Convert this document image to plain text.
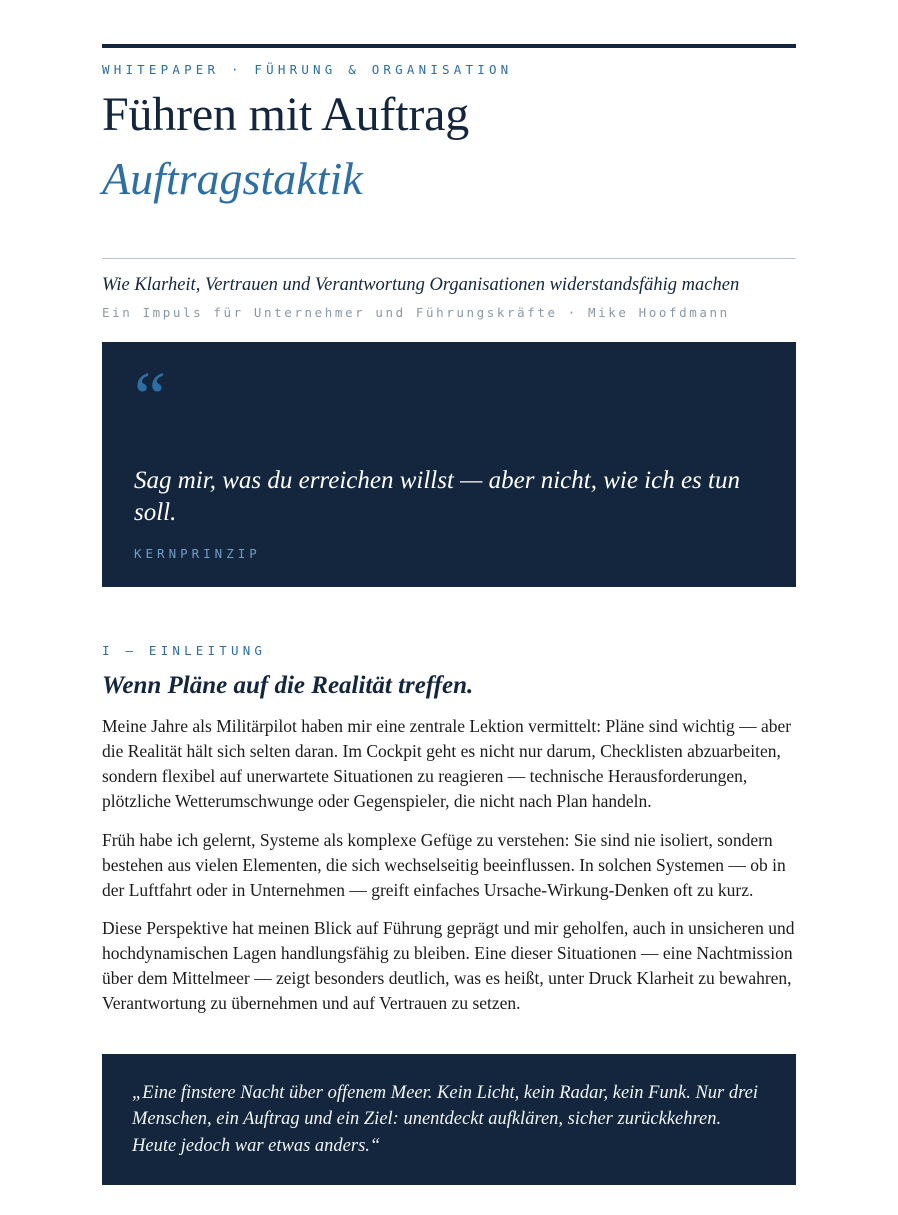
WHITEPAPER · FÜHRUNG & ORGANISATION
Führen mit Auftrag
Auftragstaktik
Wie Klarheit, Vertrauen und Verantwortung Organisationen widerstandsfähig machen
Ein Impuls für Unternehmer und Führungskräfte · Mike Hoofdmann
“
Sag mir, was du erreichen willst — aber nicht, wie ich es tun soll.
KERNPRINZIP
I — EINLEITUNG
Wenn Pläne auf die Realität treffen.

Meine Jahre als Militärpilot haben mir eine zentrale Lektion vermittelt: Pläne sind wichtig — aber die Realität hält sich selten daran. Im Cockpit geht es nicht nur darum, Checklisten abzuarbeiten, sondern flexibel auf unerwartete Situationen zu reagieren — technische Herausforderungen, plötzliche Wetterumschwunge oder Gegenspieler, die nicht nach Plan handeln.

Früh habe ich gelernt, Systeme als komplexe Gefüge zu verstehen: Sie sind nie isoliert, sondern bestehen aus vielen Elementen, die sich wechselseitig beeinflussen. In solchen Systemen — ob in der Luftfahrt oder in Unternehmen — greift einfaches Ursache-Wirkung-Denken oft zu kurz.

Diese Perspektive hat meinen Blick auf Führung geprägt und mir geholfen, auch in unsicheren und hochdynamischen Lagen handlungsfähig zu bleiben. Eine dieser Situationen — eine Nachtmission über dem Mittelmeer — zeigt besonders deutlich, was es heißt, unter Druck Klarheit zu bewahren, Verantwortung zu übernehmen und auf Vertrauen zu setzen.

„Eine finstere Nacht über offenem Meer. Kein Licht, kein Radar, kein Funk. Nur drei Menschen, ein Auftrag und ein Ziel: unentdeckt aufklären, sicher zurückkehren. Heute jedoch war etwas anders.“
